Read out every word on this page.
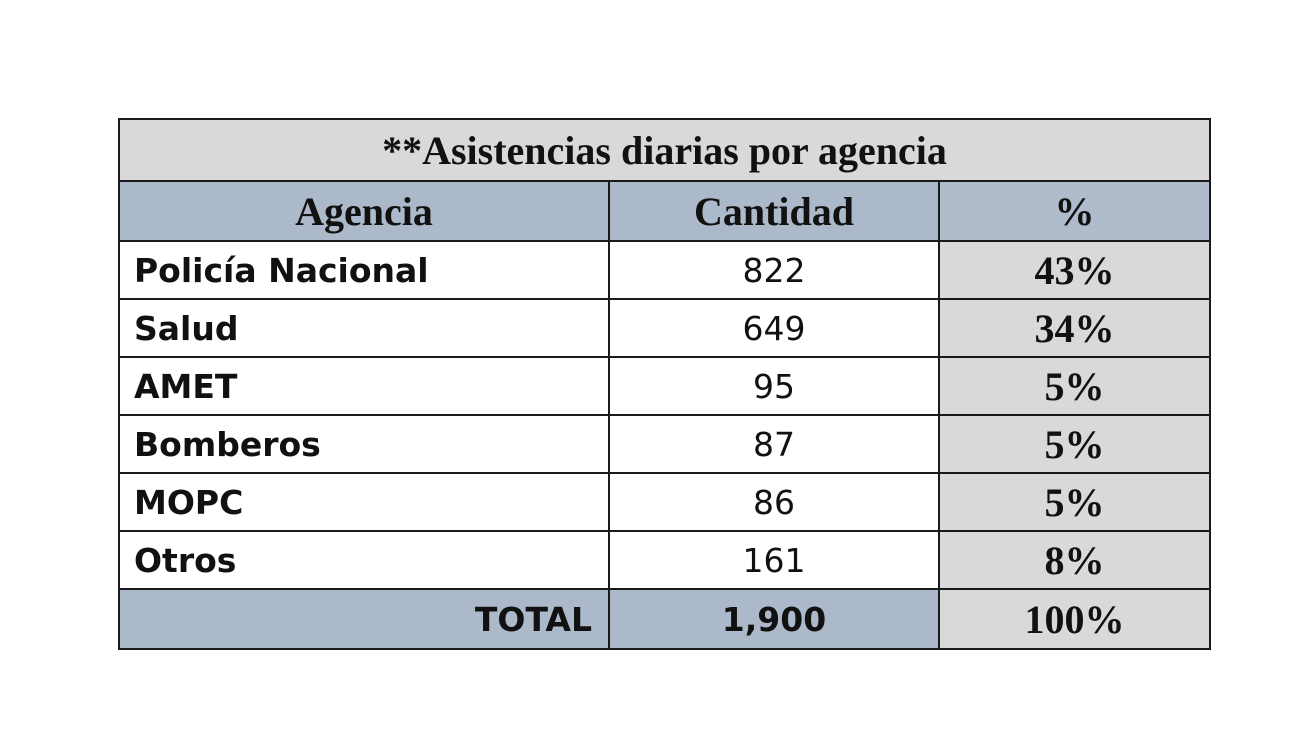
**Asistencias diarias por agencia		
Agencia	Cantidad	%
Policía Nacional	822	43%
Salud	649	34%
AMET	95	5%
Bomberos	87	5%
MOPC	86	5%
Otros	161	8%
TOTAL	1,900	100%
